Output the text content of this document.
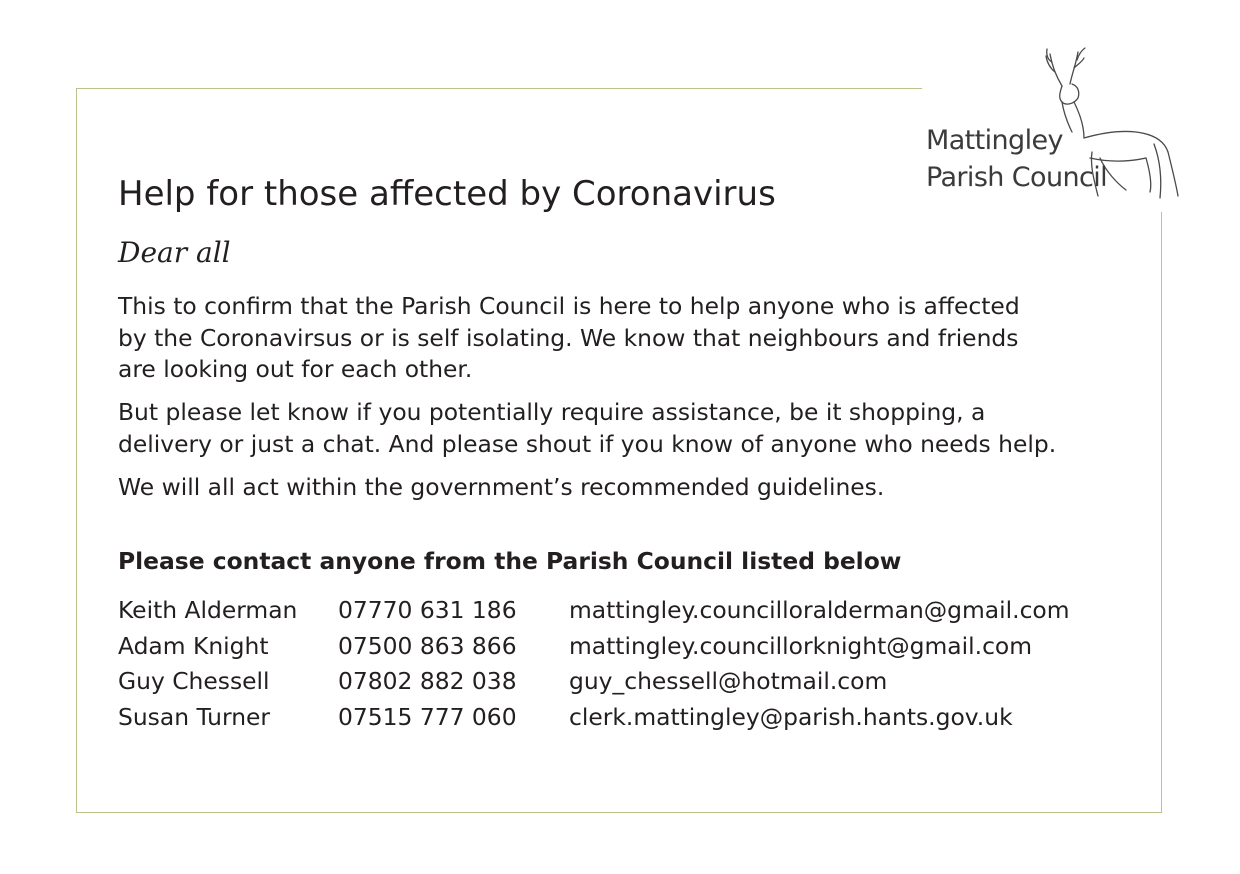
Mattingley
Parish Council
Help for those affected by Coronavirus
Dear all
This to confirm that the Parish Council is here to help anyone who is affected
by the Coronavirsus or is self isolating. We know that neighbours and friends
are looking out for each other.
But please let know if you potentially require assistance, be it shopping, a
delivery or just a chat. And please shout if you know of anyone who needs help.
We will all act within the government’s recommended guidelines.
Please contact anyone from the Parish Council listed below
Keith Alderman 07770 631 186 mattingley.councilloralderman@gmail.com
Adam Knight	07500 863 866 mattingley.councillorknight@gmail.com
Guy Chessell	07802 882 038 guy_chessell@hotmail.com
Susan Turner	07515 777 060 clerk.mattingley@parish.hants.gov.uk
